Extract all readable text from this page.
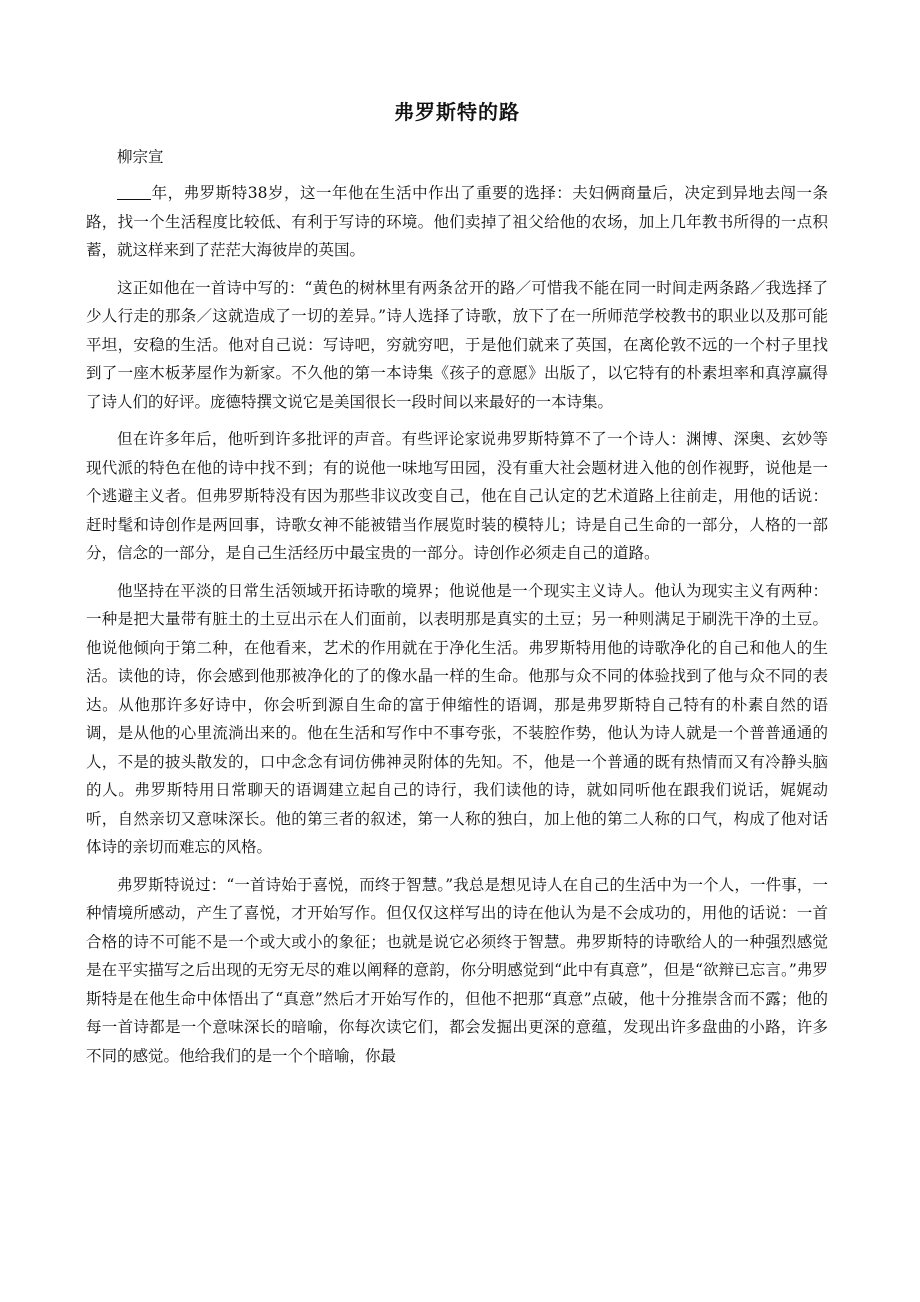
弗罗斯特的路

柳宗宣

年，弗罗斯特38岁，这一年他在生活中作出了重要的选择：夫妇俩商量后，决定到异地去闯一条路，找一个生活程度比较低、有利于写诗的环境。他们卖掉了祖父给他的农场，加上几年教书所得的一点积蓄，就这样来到了茫茫大海彼岸的英国。

这正如他在一首诗中写的：“黄色的树林里有两条岔开的路／可惜我不能在同一时间走两条路／我选择了少人行走的那条／这就造成了一切的差异。”诗人选择了诗歌，放下了在一所师范学校教书的职业以及那可能平坦，安稳的生活。他对自己说：写诗吧，穷就穷吧，于是他们就来了英国，在离伦敦不远的一个村子里找到了一座木板茅屋作为新家。不久他的第一本诗集《孩子的意愿》出版了，以它特有的朴素坦率和真淳赢得了诗人们的好评。庞德特撰文说它是美国很长一段时间以来最好的一本诗集。

但在许多年后，他听到许多批评的声音。有些评论家说弗罗斯特算不了一个诗人：渊博、深奥、玄妙等现代派的特色在他的诗中找不到；有的说他一味地写田园，没有重大社会题材进入他的创作视野，说他是一个逃避主义者。但弗罗斯特没有因为那些非议改变自己，他在自己认定的艺术道路上往前走，用他的话说：赶时髦和诗创作是两回事，诗歌女神不能被错当作展览时装的模特儿；诗是自己生命的一部分，人格的一部分，信念的一部分，是自己生活经历中最宝贵的一部分。诗创作必须走自己的道路。

他坚持在平淡的日常生活领域开拓诗歌的境界；他说他是一个现实主义诗人。他认为现实主义有两种：一种是把大量带有脏土的土豆出示在人们面前，以表明那是真实的土豆；另一种则满足于刷洗干净的土豆。他说他倾向于第二种，在他看来，艺术的作用就在于净化生活。弗罗斯特用他的诗歌净化的自己和他人的生活。读他的诗，你会感到他那被净化的了的像水晶一样的生命。他那与众不同的体验找到了他与众不同的表达。从他那许多好诗中，你会听到源自生命的富于伸缩性的语调，那是弗罗斯特自己特有的朴素自然的语调，是从他的心里流淌出来的。他在生活和写作中不事夸张，不装腔作势，他认为诗人就是一个普普通通的人，不是的披头散发的，口中念念有词仿佛神灵附体的先知。不，他是一个普通的既有热情而又有冷静头脑的人。弗罗斯特用日常聊天的语调建立起自己的诗行，我们读他的诗，就如同听他在跟我们说话，娓娓动听，自然亲切又意味深长。他的第三者的叙述，第一人称的独白，加上他的第二人称的口气，构成了他对话体诗的亲切而难忘的风格。

弗罗斯特说过：“一首诗始于喜悦，而终于智慧。”我总是想见诗人在自己的生活中为一个人，一件事，一种情境所感动，产生了喜悦，才开始写作。但仅仅这样写出的诗在他认为是不会成功的，用他的话说：一首合格的诗不可能不是一个或大或小的象征；也就是说它必须终于智慧。弗罗斯特的诗歌给人的一种强烈感觉是在平实描写之后出现的无穷无尽的难以阐释的意韵，你分明感觉到“此中有真意”，但是“欲辩已忘言。”弗罗斯特是在他生命中体悟出了“真意”然后才开始写作的，但他不把那“真意”点破，他十分推崇含而不露；他的每一首诗都是一个意味深长的暗喻，你每次读它们，都会发掘出更深的意蕴，发现出许多盘曲的小路，许多不同的感觉。他给我们的是一个个暗喻，你最
